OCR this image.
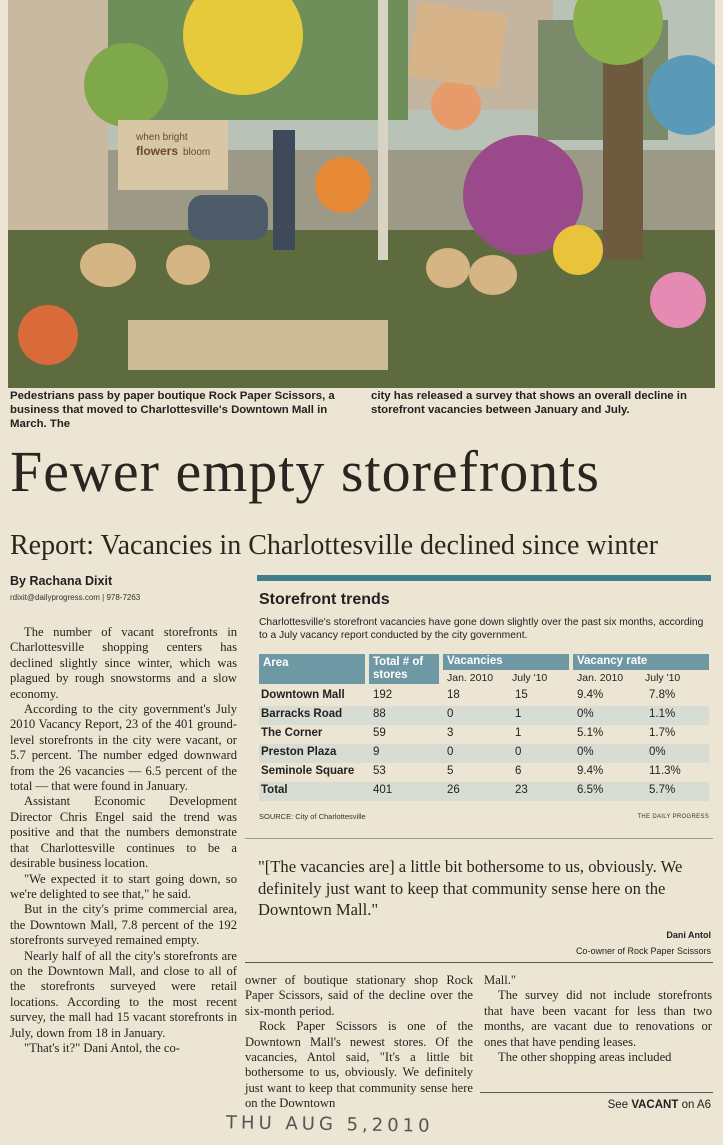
when bright
flowers bloom
Pedestrians pass by paper boutique Rock Paper Scissors, a business that moved to Charlottesville's Downtown Mall in March. The
city has released a survey that shows an overall decline in storefront vacancies between January and July.
Fewer empty storefronts
Report: Vacancies in Charlottesville declined since winter
By Rachana Dixit
rdixit@dailyprogress.com | 978-7263

The number of vacant storefronts in Charlottesville shopping centers has declined slightly since winter, which was plagued by rough snowstorms and a slow economy.

According to the city government's July 2010 Vacancy Report, 23 of the 401 ground-level storefronts in the city were vacant, or 5.7 percent. The number edged downward from the 26 vacancies — 6.5 percent of the total — that were found in January.

Assistant Economic Development Director Chris Engel said the trend was positive and that the numbers demonstrate that Charlottesville continues to be a desirable business location.

"We expected it to start going down, so we're delighted to see that," he said.

But in the city's prime commercial area, the Downtown Mall, 7.8 percent of the 192 storefronts surveyed remained empty.

Nearly half of all the city's storefronts are on the Downtown Mall, and close to all of the storefronts surveyed were retail locations. According to the most recent survey, the mall had 15 vacant storefronts in July, down from 18 in January.

"That's it?" Dani Antol, the co-

owner of boutique stationary shop Rock Paper Scissors, said of the decline over the six-month period.

Rock Paper Scissors is one of the Downtown Mall's newest stores. Of the vacancies, Antol said, "It's a little bit bothersome to us, obviously. We definitely just want to keep that community sense here on the Downtown

Mall."

The survey did not include storefronts that have been vacant for less than two months, are vacant due to renovations or ones that have pending leases.

The other shopping areas included

Storefront trends
Charlottesville's storefront vacancies have gone down slightly over the past six months, according to a July vacancy report conducted by the city government.
Area	Total # of stores
Vacancies	Vacancy rate
Jan. 2010 July '10	Jan. 2010 July '10
Downtown Mall 192	18	15	9.4%	7.8%
Barracks Road	88	0	1	0%	1.1%
The Corner	59	3	1	5.1%	1.7%
Preston Plaza	9	0	0	0%	0%
Seminole Square 53	5	6	9.4%	11.3%
Total	401	26	23	6.5%	5.7%
SOURCE: City of Charlottesville	THE DAILY PROGRESS
"[The vacancies are] a little bit bothersome to us, obviously. We definitely just want to keep that community sense here on the Downtown Mall."
Dani Antol
Co-owner of Rock Paper Scissors
See VACANT on A6
THU AUG 5,2010
